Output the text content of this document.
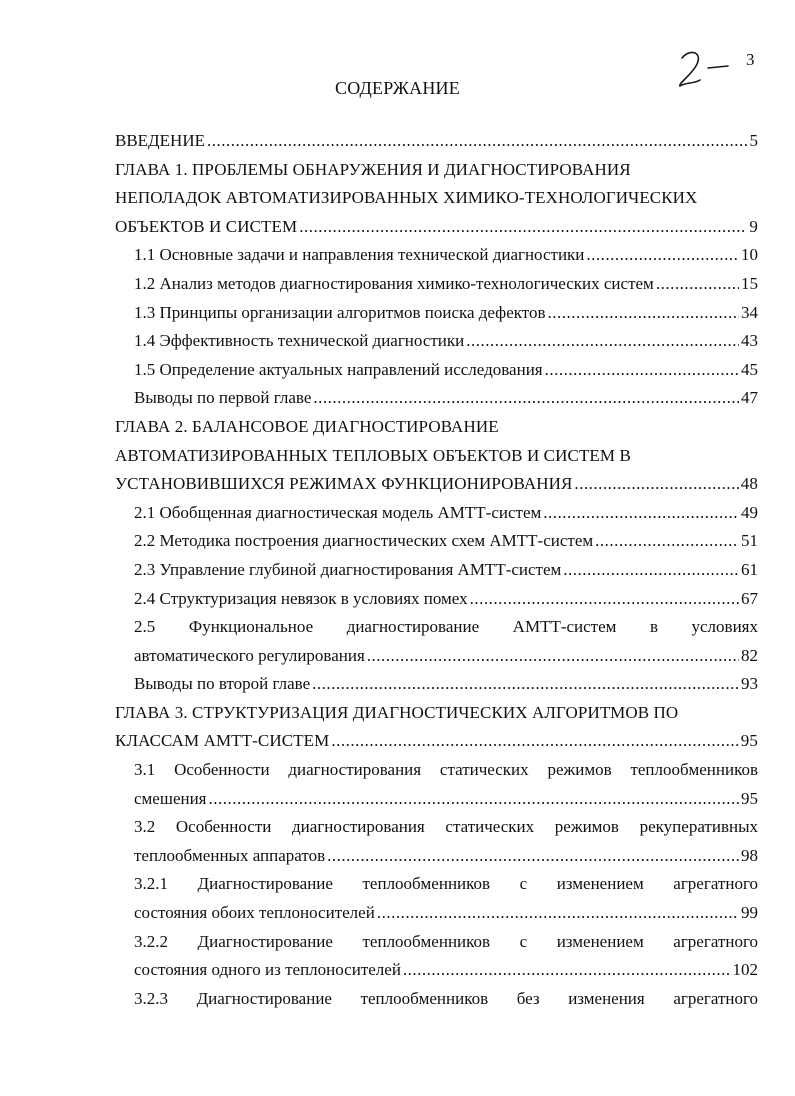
3
СОДЕРЖАНИЕ
ВВЕДЕНИЕ .....	5
ГЛАВА 1. ПРОБЛЕМЫ ОБНАРУЖЕНИЯ И ДИАГНОСТИРОВАНИЯ
НЕПОЛАДОК АВТОМАТИЗИРОВАННЫХ ХИМИКО-ТЕХНОЛОГИЧЕСКИХ
ОБЪЕКТОВ И СИСТЕМ .....	9
1.1 Основные задачи и направления технической диагностики .....	10
1.2 Анализ методов диагностирования химико-технологических систем .....	15
1.3 Принципы организации алгоритмов поиска дефектов .....	34
1.4 Эффективность технической диагностики .....	43
1.5 Определение актуальных направлений исследования .....	45
Выводы по первой главе .....	47
ГЛАВА 2. БАЛАНСОВОЕ ДИАГНОСТИРОВАНИЕ
АВТОМАТИЗИРОВАННЫХ ТЕПЛОВЫХ ОБЪЕКТОВ И СИСТЕМ В
УСТАНОВИВШИХСЯ РЕЖИМАХ ФУНКЦИОНИРОВАНИЯ .....	48
2.1 Обобщенная диагностическая модель АМТТ-систем .....	49
2.2 Методика построения диагностических схем АМТТ-систем .....	51
2.3 Управление глубиной диагностирования АМТТ-систем .....	61
2.4 Структуризация невязок в условиях помех .....	67
2.5 Функциональное диагностирование АМТТ-систем в условиях
автоматического регулирования .....	82
Выводы по второй главе .....	93
ГЛАВА 3. СТРУКТУРИЗАЦИЯ ДИАГНОСТИЧЕСКИХ АЛГОРИТМОВ ПО
КЛАССАМ АМТТ-СИСТЕМ .....	95
3.1 Особенности диагностирования статических режимов теплообменников
смешения .....	95
3.2 Особенности диагностирования статических режимов рекуперативных
теплообменных аппаратов .....	98
3.2.1 Диагностирование теплообменников с изменением агрегатного
состояния обоих теплоносителей .....	99
3.2.2 Диагностирование теплообменников с изменением агрегатного
состояния одного из теплоносителей .....	102
3.2.3 Диагностирование теплообменников без изменения агрегатного
